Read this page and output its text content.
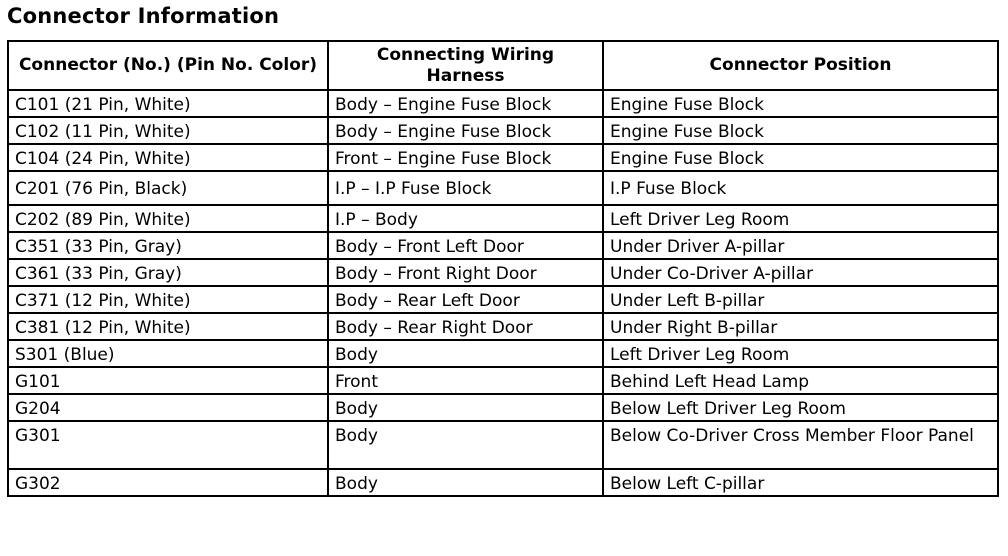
Connector Information
Connector (No.) (Pin No. Color)	Connecting Wiring Harness	Connector Position
C101 (21 Pin, White)	Body – Engine Fuse Block	Engine Fuse Block
C102 (11 Pin, White)	Body – Engine Fuse Block	Engine Fuse Block
C104 (24 Pin, White)	Front – Engine Fuse Block	Engine Fuse Block
C201 (76 Pin, Black)	I.P – I.P Fuse Block	I.P Fuse Block
C202 (89 Pin, White)	I.P – Body	Left Driver Leg Room
C351 (33 Pin, Gray)	Body – Front Left Door	Under Driver A-pillar
C361 (33 Pin, Gray)	Body – Front Right Door	Under Co-Driver A-pillar
C371 (12 Pin, White)	Body – Rear Left Door	Under Left B-pillar
C381 (12 Pin, White)	Body – Rear Right Door	Under Right B-pillar
S301 (Blue)	Body	Left Driver Leg Room
G101	Front	Behind Left Head Lamp
G204	Body	Below Left Driver Leg Room
G301	Body	Below Co-Driver Cross Member Floor Panel
G302	Body	Below Left C-pillar
